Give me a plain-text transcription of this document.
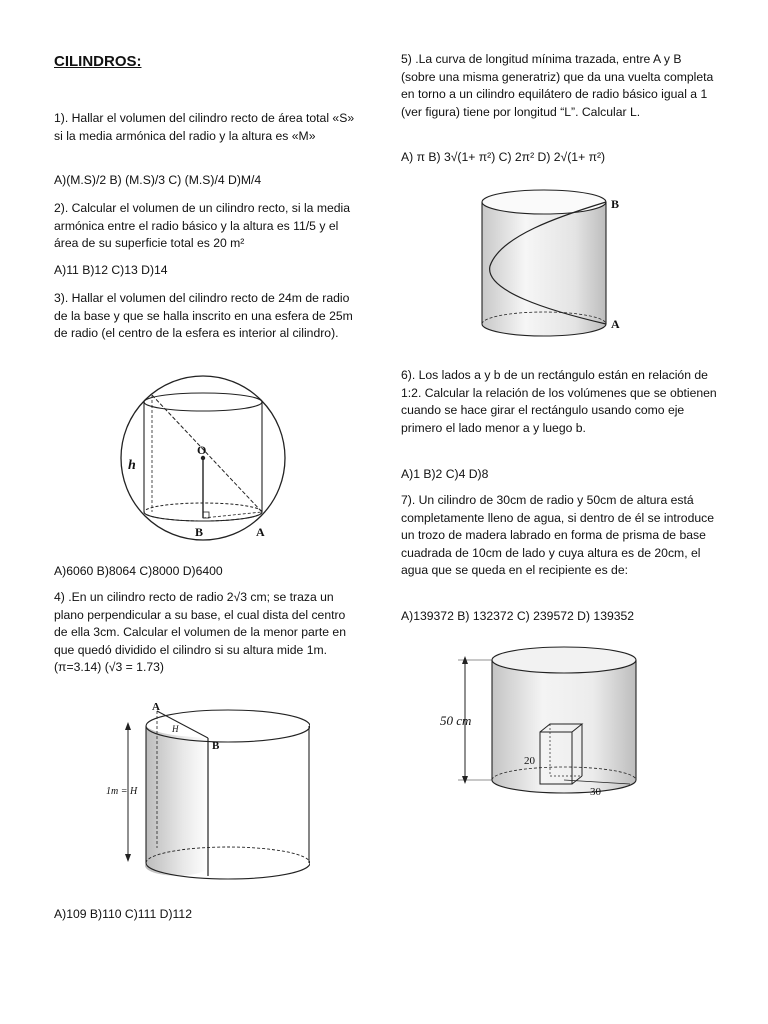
CILINDROS:

1). Hallar el volumen del cilindro recto de área total «S» si la media armónica del radio y la altura es «M»

A)(M.S)/2 B) (M.S)/3 C) (M.S)/4 D)M/4

2). Calcular el volumen de un cilindro recto, si la media armónica entre el radio básico y la altura es 11/5 y el área de su superficie total es 20 m²

A)11 B)12 C)13 D)14

3). Hallar el volumen del cilindro recto de 24m de radio de la base y que se halla inscrito en una esfera de 25m de radio (el centro de la esfera es interior al cilindro).

h
O
B	A

A)6060 B)8064 C)8000 D)6400

4) .En un cilindro recto de radio 2√3 cm; se traza un plano perpendicular a su base, el cual dista del centro de ella 3cm. Calcular el volumen de la menor parte en que quedó dividido el cilindro si su altura mide 1m. (π=3.14) (√3 = 1.73)

A
H
B
1m = H

A)109 B)110 C)111 D)112

5) .La curva de longitud mínima trazada, entre A y B (sobre una misma generatriz) que da una vuelta completa en torno a un cilindro equilátero de radio básico igual a 1 (ver figura) tiene por longitud “L”. Calcular L.

A) π B) 3√(1+ π²) C) 2π² D) 2√(1+ π²)

B
A

6). Los lados a y b de un rectángulo están en relación de 1:2. Calcular la relación de los volúmenes que se obtienen cuando se hace girar el rectángulo usando como eje primero el lado menor a y luego b.

A)1 B)2 C)4 D)8

7). Un cilindro de 30cm de radio y 50cm de altura está completamente lleno de agua, si dentro de él se introduce un trozo de madera labrado en forma de prisma de base cuadrada de 10cm de lado y cuya altura es de 20cm, el agua que se queda en el recipiente es de:

A)139372 B) 132372 C) 239572 D) 139352

50 cm
20
30
